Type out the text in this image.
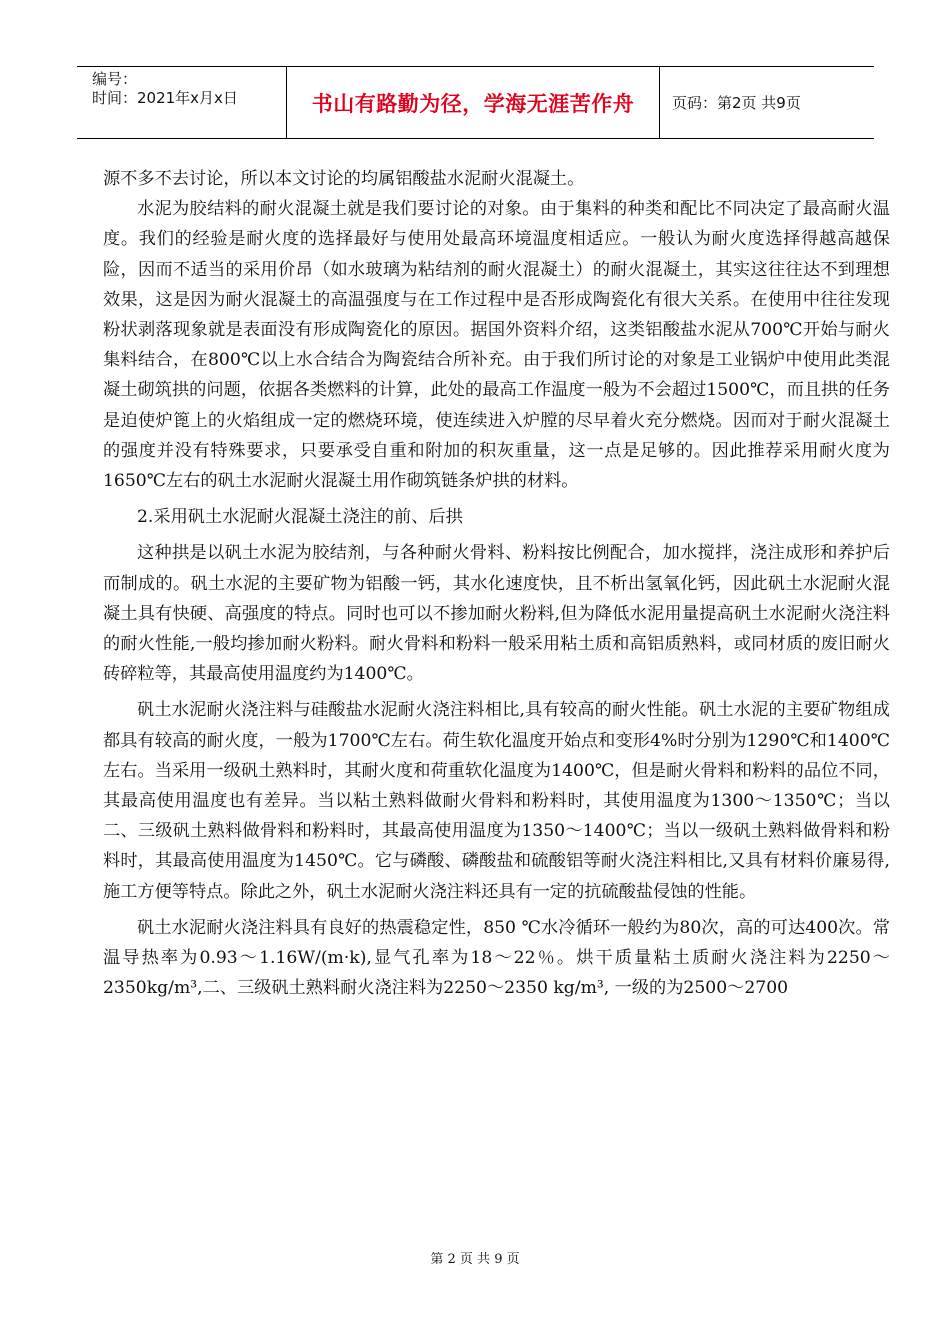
编号：
时间：2021年x月x日	书山有路勤为径，学海无涯苦作舟	页码：第2页 共9页

源不多不去讨论，所以本文讨论的均属铝酸盐水泥耐火混凝土。

水泥为胶结料的耐火混凝土就是我们要讨论的对象。由于集料的种类和配比不同决定了最高耐火温度。我们的经验是耐火度的选择最好与使用处最高环境温度相适应。一般认为耐火度选择得越高越保险，因而不适当的采用价昂（如水玻璃为粘结剂的耐火混凝土）的耐火混凝土，其实这往往达不到理想效果，这是因为耐火混凝土的高温强度与在工作过程中是否形成陶瓷化有很大关系。在使用中往往发现粉状剥落现象就是表面没有形成陶瓷化的原因。据国外资料介绍，这类铝酸盐水泥从700℃开始与耐火集料结合，在800℃以上水合结合为陶瓷结合所补充。由于我们所讨论的对象是工业锅炉中使用此类混凝土砌筑拱的问题，依据各类燃料的计算，此处的最高工作温度一般为不会超过1500℃，而且拱的任务是迫使炉篦上的火焰组成一定的燃烧环境，使连续进入炉膛的尽早着火充分燃烧。因而对于耐火混凝土的强度并没有特殊要求，只要承受自重和附加的积灰重量，这一点是足够的。因此推荐采用耐火度为1650℃左右的矾土水泥耐火混凝土用作砌筑链条炉拱的材料。

2.采用矾土水泥耐火混凝土浇注的前、后拱

这种拱是以矾土水泥为胶结剂，与各种耐火骨料、粉料按比例配合，加水搅拌，浇注成形和养护后而制成的。矾土水泥的主要矿物为铝酸一钙，其水化速度快，且不析出氢氧化钙，因此矾土水泥耐火混凝土具有快硬、高强度的特点。同时也可以不掺加耐火粉料,但为降低水泥用量提高矾土水泥耐火浇注料的耐火性能,一般均掺加耐火粉料。耐火骨料和粉料一般采用粘土质和高铝质熟料，或同材质的废旧耐火砖碎粒等，其最高使用温度约为1400℃。

矾土水泥耐火浇注料与硅酸盐水泥耐火浇注料相比,具有较高的耐火性能。矾土水泥的主要矿物组成都具有较高的耐火度，一般为1700℃左右。荷生软化温度开始点和变形4%时分别为1290℃和1400℃左右。当采用一级矾土熟料时，其耐火度和荷重软化温度为1400℃，但是耐火骨料和粉料的品位不同，其最高使用温度也有差异。当以粘土熟料做耐火骨料和粉料时，其使用温度为1300～1350℃；当以二、三级矾土熟料做骨料和粉料时，其最高使用温度为1350～1400℃；当以一级矾土熟料做骨料和粉料时，其最高使用温度为1450℃。它与磷酸、磷酸盐和硫酸铝等耐火浇注料相比,又具有材料价廉易得,施工方便等特点。除此之外，矾土水泥耐火浇注料还具有一定的抗硫酸盐侵蚀的性能。

矾土水泥耐火浇注料具有良好的热震稳定性，850 ℃水冷循环一般约为80次，高的可达400次。常温导热率为0.93～1.16W/(m·k),显气孔率为18～22％。烘干质量粘土质耐火浇注料为2250～2350kg/m³,二、三级矾土熟料耐火浇注料为2250～2350 kg/m³, 一级的为2500～2700

第 2 页 共 9 页
